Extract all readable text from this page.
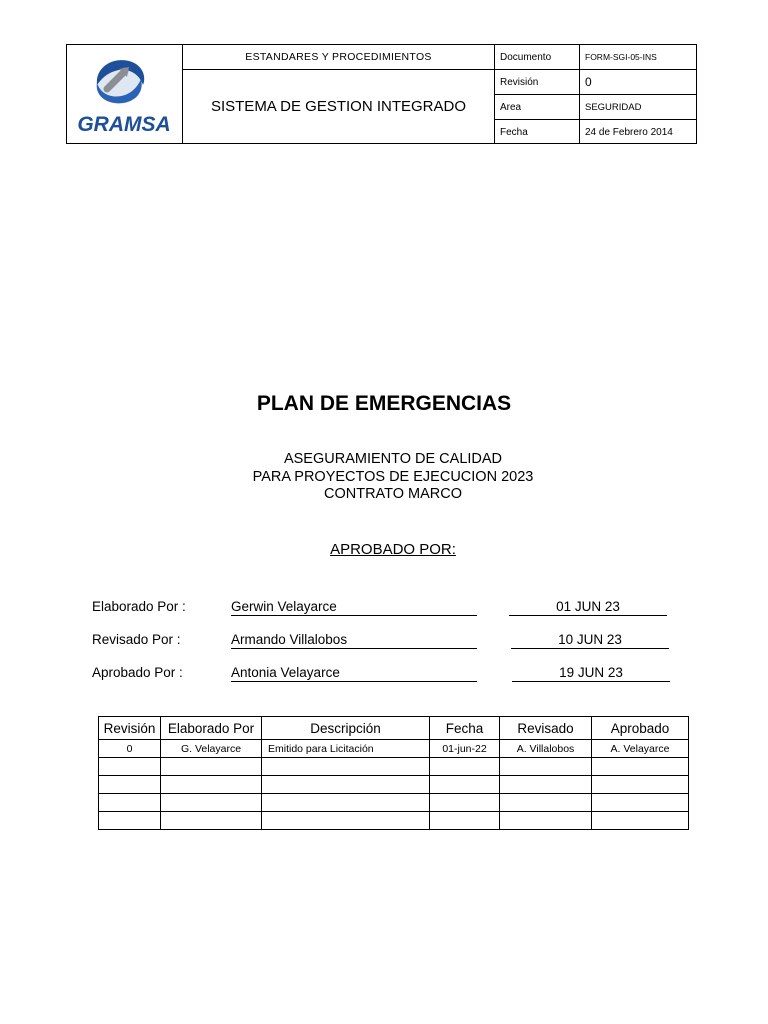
GRAMSA
ESTANDARES Y PROCEDIMIENTOS
SISTEMA DE GESTION INTEGRADO
Documento	FORM-SGI-05-INS
Revisión	0
Area	SEGURIDAD
Fecha	24 de Febrero 2014
PLAN DE EMERGENCIAS
ASEGURAMIENTO DE CALIDAD
PARA PROYECTOS DE EJECUCION 2023
CONTRATO MARCO
APROBADO POR:
Elaborado Por :	Gerwin Velayarce	01 JUN 23
Revisado Por :	Armando Villalobos	10 JUN 23
Aprobado Por :	Antonia Velayarce	19 JUN 23
Revisión	Elaborado Por	Descripción	Fecha	Revisado	Aprobado
0	G. Velayarce	Emitido para Licitación	01-jun-22	A. Villalobos	A. Velayarce
